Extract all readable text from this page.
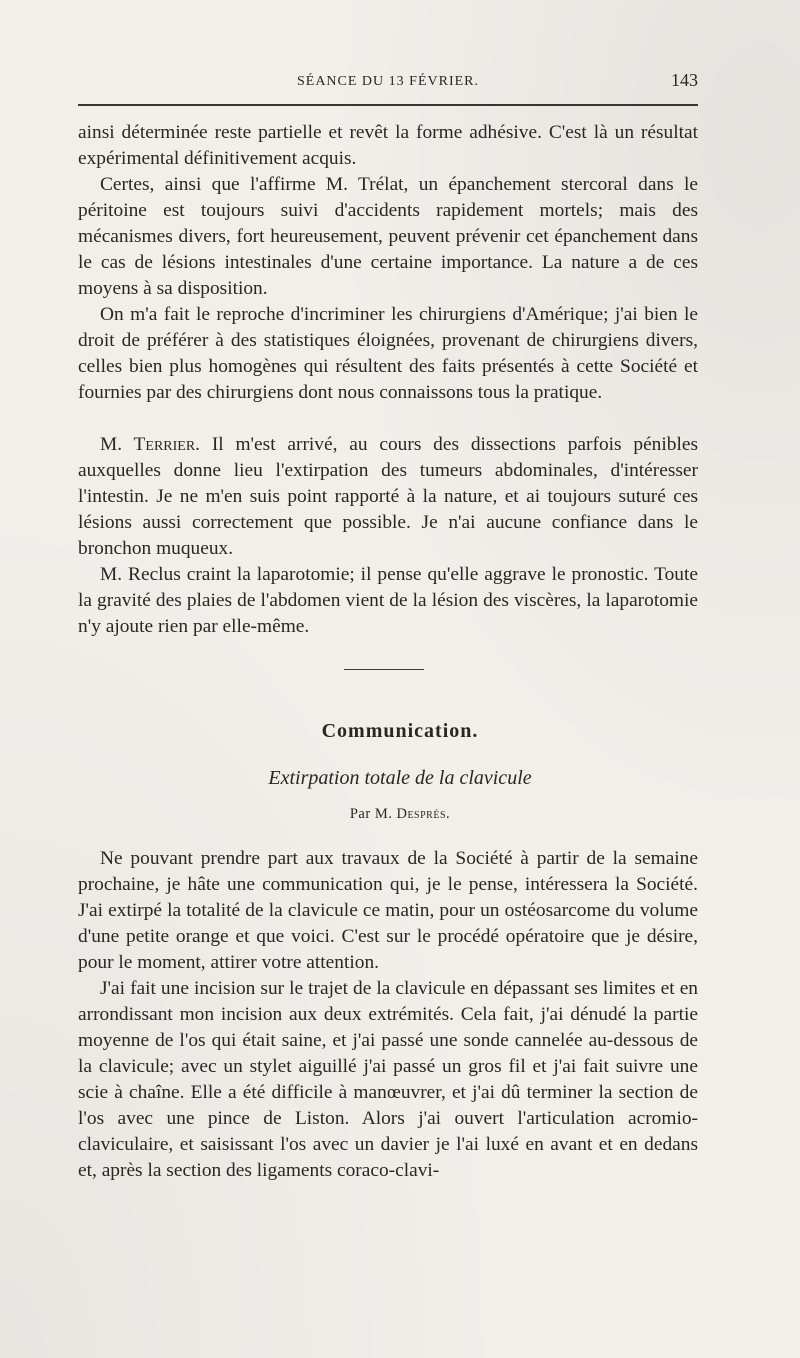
SÉANCE DU 13 FÉVRIER.	143

ainsi déterminée reste partielle et revêt la forme adhésive. C'est là un résultat expérimental définitivement acquis.

Certes, ainsi que l'affirme M. Trélat, un épanchement stercoral dans le péritoine est toujours suivi d'accidents rapidement mortels; mais des mécanismes divers, fort heureusement, peuvent prévenir cet épanchement dans le cas de lésions intestinales d'une certaine importance. La nature a de ces moyens à sa disposition.

On m'a fait le reproche d'incriminer les chirurgiens d'Amérique; j'ai bien le droit de préférer à des statistiques éloignées, provenant de chirurgiens divers, celles bien plus homogènes qui résultent des faits présentés à cette Société et fournies par des chirurgiens dont nous connaissons tous la pratique.

M. Terrier. Il m'est arrivé, au cours des dissections parfois pénibles auxquelles donne lieu l'extirpation des tumeurs abdominales, d'intéresser l'intestin. Je ne m'en suis point rapporté à la nature, et ai toujours suturé ces lésions aussi correctement que possible. Je n'ai aucune confiance dans le bronchon muqueux.

M. Reclus craint la laparotomie; il pense qu'elle aggrave le pronostic. Toute la gravité des plaies de l'abdomen vient de la lésion des viscères, la laparotomie n'y ajoute rien par elle-même.

Communication.
Extirpation totale de la clavicule
Par M. Després.

Ne pouvant prendre part aux travaux de la Société à partir de la semaine prochaine, je hâte une communication qui, je le pense, intéressera la Société. J'ai extirpé la totalité de la clavicule ce matin, pour un ostéosarcome du volume d'une petite orange et que voici. C'est sur le procédé opératoire que je désire, pour le moment, attirer votre attention.

J'ai fait une incision sur le trajet de la clavicule en dépassant ses limites et en arrondissant mon incision aux deux extrémités. Cela fait, j'ai dénudé la partie moyenne de l'os qui était saine, et j'ai passé une sonde cannelée au-dessous de la clavicule; avec un stylet aiguillé j'ai passé un gros fil et j'ai fait suivre une scie à chaîne. Elle a été difficile à manœuvrer, et j'ai dû terminer la section de l'os avec une pince de Liston. Alors j'ai ouvert l'articulation acromio-claviculaire, et saisissant l'os avec un davier je l'ai luxé en avant et en dedans et, après la section des ligaments coraco-clavi-
